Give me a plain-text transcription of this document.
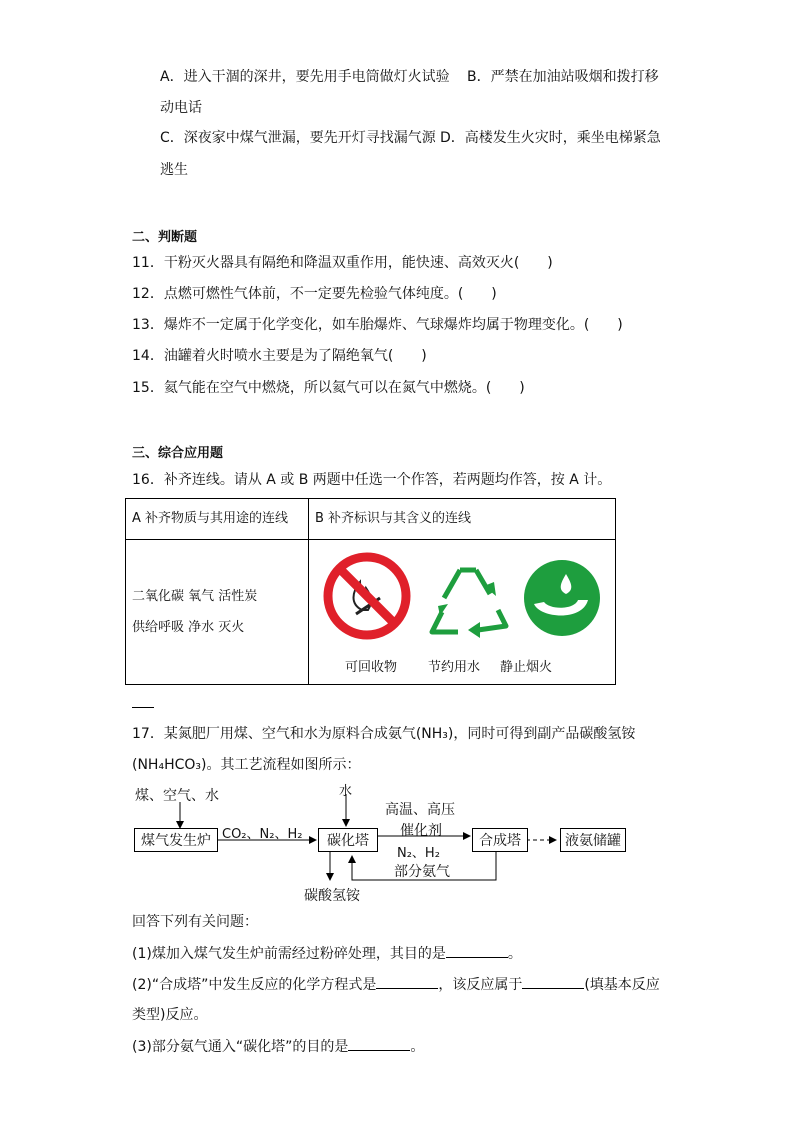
A．进入干涸的深井，要先用手电筒做灯火试验 B．严禁在加油站吸烟和拨打移
动电话
C．深夜家中煤气泄漏，要先开灯寻找漏气源 D．高楼发生火灾时，乘坐电梯紧急
逃生
二、判断题
11．干粉灭火器具有隔绝和降温双重作用，能快速、高效灭火(　　)
12．点燃可燃性气体前，不一定要先检验气体纯度。(　　)
13．爆炸不一定属于化学变化，如车胎爆炸、气球爆炸均属于物理变化。(　　)
14．油罐着火时喷水主要是为了隔绝氧气(　　)
15．氦气能在空气中燃烧，所以氦气可以在氮气中燃烧。(　　)
三、综合应用题
16．补齐连线。请从 A 或 B 两题中任选一个作答，若两题均作答，按 A 计。
A 补齐物质与其用途的连线	B 补齐标识与其含义的连线

二氧化碳 氧气 活性炭
供给呼吸 净水 灭火	

可回收物 节约用水 静止烟火
17．某氮肥厂用煤、空气和水为原料合成氨气(NH₃)，同时可得到副产品碳酸氢铵
(NH₄HCO₃)。其工艺流程如图所示：
煤、空气、水
煤气发生炉 CO₂、N₂、H₂
水
碳化塔
高温、高压
催化剂
N₂、H₂
合成塔	液氨储罐
部分氨气
碳酸氢铵
回答下列有关问题：
(1)煤加入煤气发生炉前需经过粉碎处理，其目的是	。
(2)“合成塔”中发生反应的化学方程式是	，该反应属于	(填基本反应
类型)反应。
(3)部分氨气通入“碳化塔”的目的是	。
